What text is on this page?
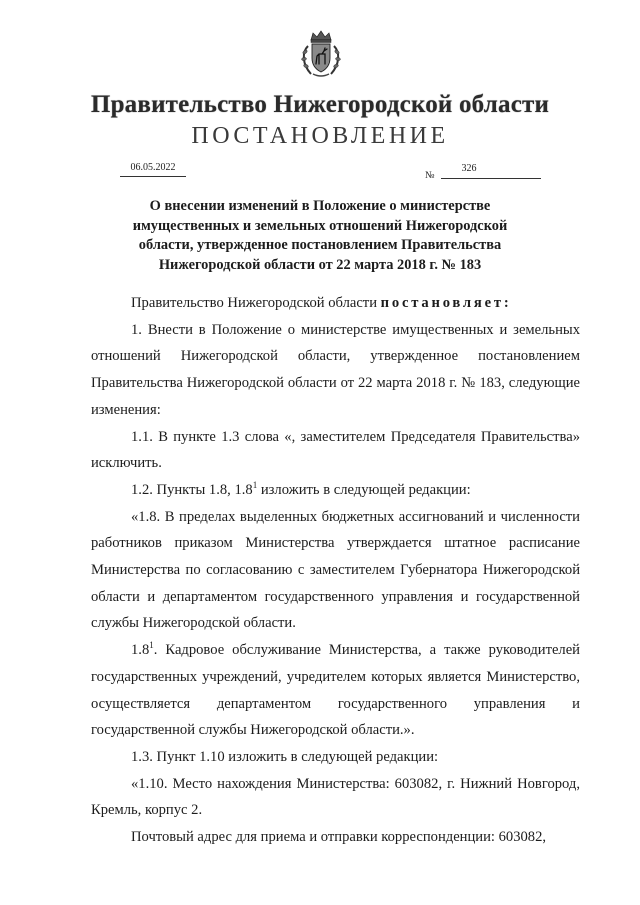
Правительство Нижегородской области
ПОСТАНОВЛЕНИЕ
06.05.2022
№
326
О внесении изменений в Положение о министерстве имущественных и земельных отношений Нижегородской области, утвержденное постановлением Правительства Нижегородской области от 22 марта 2018 г. № 183

Правительство Нижегородской области постановляет:

1. Внести в Положение о министерстве имущественных и земельных отношений Нижегородской области, утвержденное постановлением Правительства Нижегородской области от 22 марта 2018 г. № 183, следующие изменения:

1.1. В пункте 1.3 слова «, заместителем Председателя Правительства» исключить.

1.2. Пункты 1.8, $1.8^1$ изложить в следующей редакции:

«1.8. В пределах выделенных бюджетных ассигнований и численности работников приказом Министерства утверждается штатное расписание Министерства по согласованию с заместителем Губернатора Нижегородской области и департаментом государственного управления и государственной службы Нижегородской области.

$1.8^1$. Кадровое обслуживание Министерства, а также руководителей государственных учреждений, учредителем которых является Министерство, осуществляется департаментом государственного управления и государственной службы Нижегородской области.».

1.3. Пункт 1.10 изложить в следующей редакции:

«1.10. Место нахождения Министерства: 603082, г. Нижний Новгород, Кремль, корпус 2.

Почтовый адрес для приема и отправки корреспонденции: 603082,
